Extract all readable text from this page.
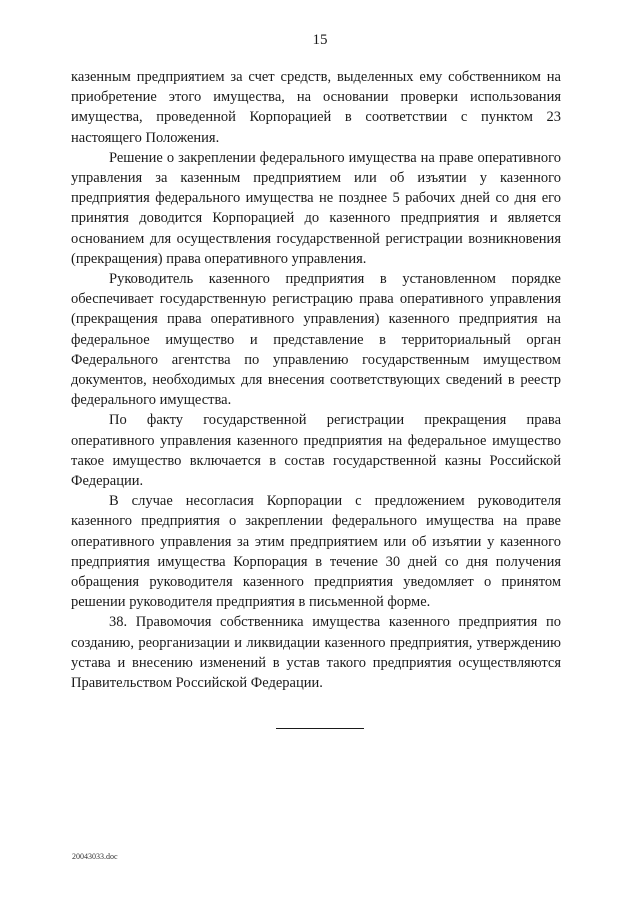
15

казенным предприятием за счет средств, выделенных ему собственником на приобретение этого имущества, на основании проверки использования имущества, проведенной Корпорацией в соответствии с пунктом 23 настоящего Положения.

Решение о закреплении федерального имущества на праве оперативного управления за казенным предприятием или об изъятии у казенного предприятия федерального имущества не позднее 5 рабочих дней со дня его принятия доводится Корпорацией до казенного предприятия и является основанием для осуществления государственной регистрации возникновения (прекращения) права оперативного управления.

Руководитель казенного предприятия в установленном порядке обеспечивает государственную регистрацию права оперативного управления (прекращения права оперативного управления) казенного предприятия на федеральное имущество и представление в территориальный орган Федерального агентства по управлению государственным имуществом документов, необходимых для внесения соответствующих сведений в реестр федерального имущества.

По факту государственной регистрации прекращения права оперативного управления казенного предприятия на федеральное имущество такое имущество включается в состав государственной казны Российской Федерации.

В случае несогласия Корпорации с предложением руководителя казенного предприятия о закреплении федерального имущества на праве оперативного управления за этим предприятием или об изъятии у казенного предприятия имущества Корпорация в течение 30 дней со дня получения обращения руководителя казенного предприятия уведомляет о принятом решении руководителя предприятия в письменной форме.

38. Правомочия собственника имущества казенного предприятия по созданию, реорганизации и ликвидации казенного предприятия, утверждению устава и внесению изменений в устав такого предприятия осуществляются Правительством Российской Федерации.

20043033.doc
